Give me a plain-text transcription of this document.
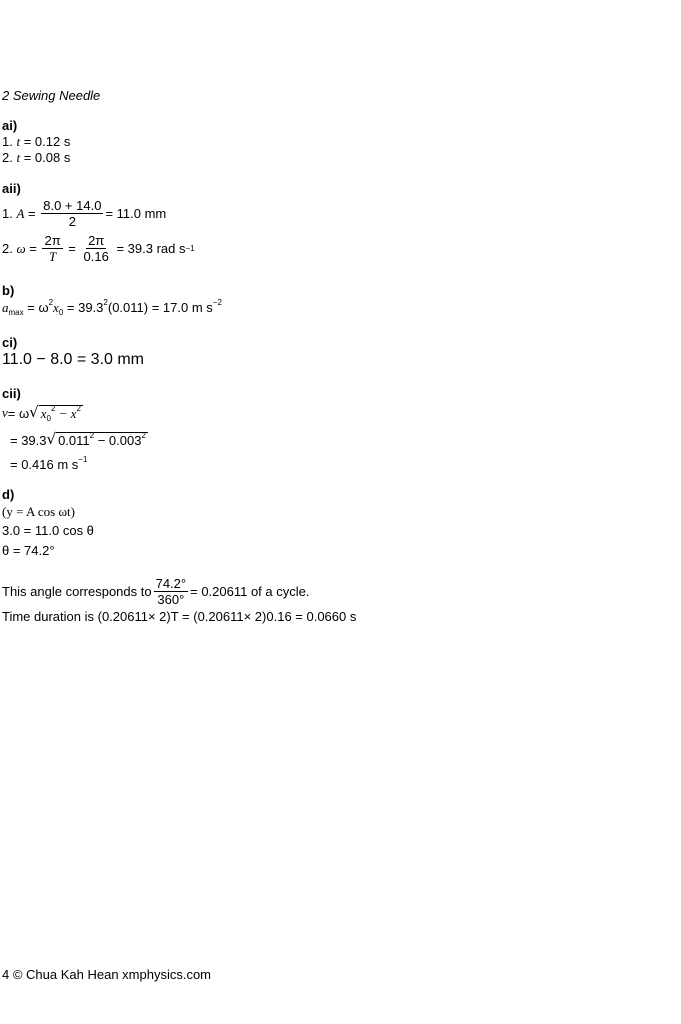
2 Sewing Needle
ai)
1. t = 0.12 s
2. t = 0.08 s
aii)
1.
$A = \frac{8.0 + 14.0}{2} = 11.0$ mm
2.
$\omega = \frac{2\pi}{T} = \frac{2\pi}{0.16}$
= 39.3 rad s −1
b)
$a_{max} = \omega^2x_0 = 39.3^2(0.011) = 17.0$ m $s^{-2}$
ci)
11.0 − 8.0 = 3.0 mm
cii)
v = ω √ $x_0^2 - x^2$
= 39.3 √ $0.011^2 - 0.003^2$
= 0.416 m $s^{-1}$
d)
(y = A cos ωt)
3.0 = 11.0 cos θ
θ = 74.2°
This angle corresponds to $\frac{74.2^\circ}{360^\circ} = 0.20611$ of a cycle.
Time duration is (0.20611× 2)T = (0.20611× 2)0.16 = 0.0660 s
4 © Chua Kah Hean xmphysics.com
